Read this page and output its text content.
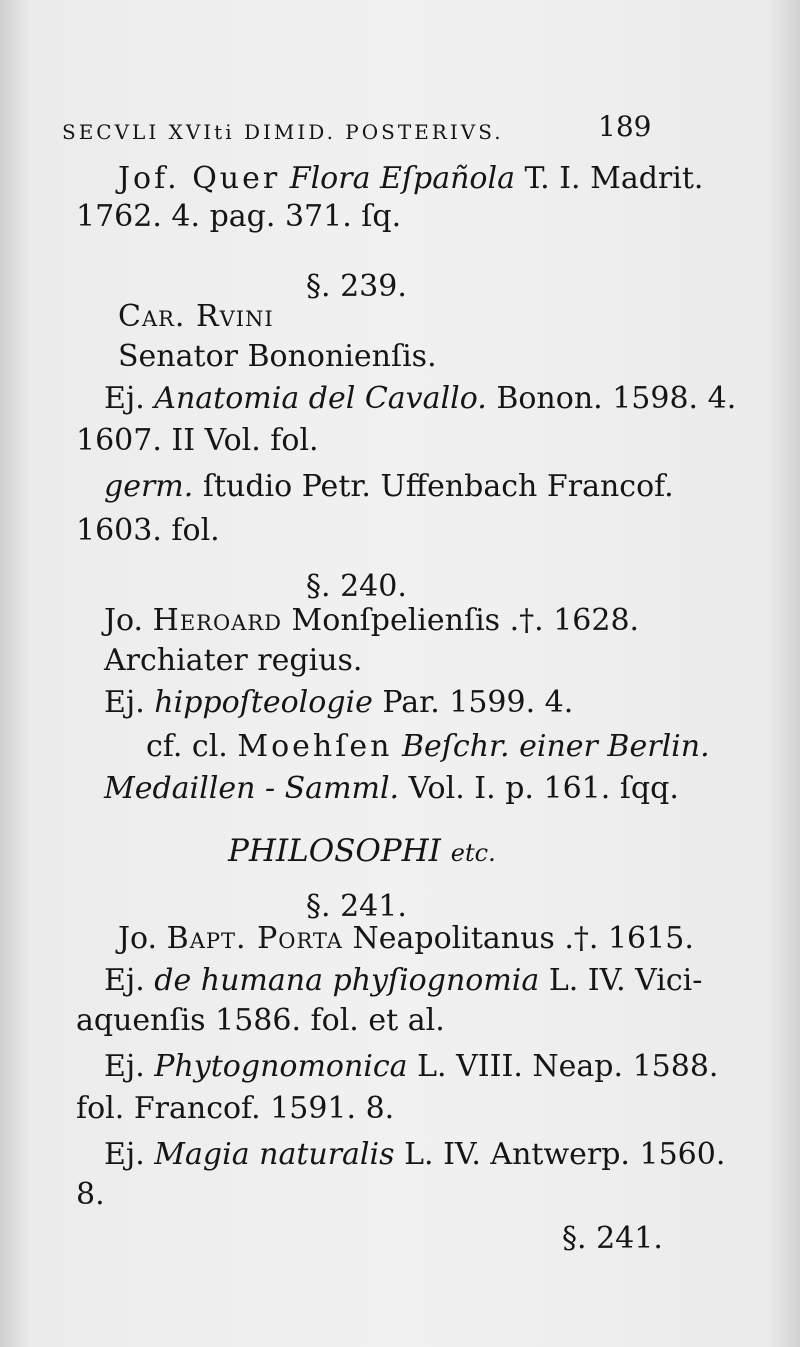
SECVLI XVIti DIMID. POSTERIVS.	189
Jof. Quer Flora Eſpañola T. I. Madrit.
1762. 4. pag. 371. ſq.
§. 239.
Car. Rvini
Senator Bononienſis.
Ej. Anatomia del Cavallo. Bonon. 1598. 4.
1607. II Vol. fol.
germ. ſtudio Petr. Uffenbach Francof.
1603. fol.
§. 240.
Jo. Heroard Monſpelienſis .†. 1628.
Archiater regius.
Ej. hippoſteologie Par. 1599. 4.
cf. cl. Moehſen Beſchr. einer Berlin.
Medaillen - Samml. Vol. I. p. 161. ſqq.
PHILOSOPHI etc.
§. 241.
Jo. Bapt. Porta Neapolitanus .†. 1615.
Ej. de humana phyſiognomia L. IV. Vici-
aquenſis 1586. fol. et al.
Ej. Phytognomonica L. VIII. Neap. 1588.
fol. Francof. 1591. 8.
Ej. Magia naturalis L. IV. Antwerp. 1560.
8.
§. 241.
